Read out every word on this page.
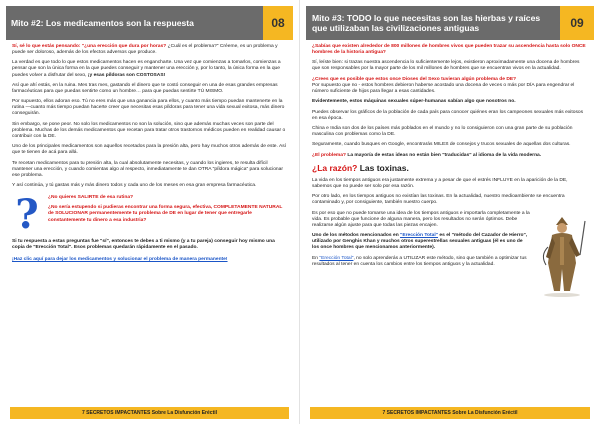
Mito #2: Los medicamentos son la respuesta	08

Sí, sé lo que estás pensando: "¿una erección que dura por horas? ¿Cuál es el problema?" Créeme, es un problema y puede ser doloroso, además de los efectos adversos que produce.

La verdad es que todo lo que estos medicamentos hacen es engancharte. Una vez que comienzas a tomarlos, comienzas a pensar que son la única forma en la que puedes conseguir y mantener una erección y, por lo tanto, la única forma en la que puedes volver a disfrutar del sexo, ¡y esas píldoras son COSTOSAS!

Así que ahí estás, en la ruina. Mes tras mes, gastando el dinero que te costó conseguir en una de esas grandes empresas farmacéuticas para que puedas sentirte como un hombre… para que puedas sentirte TÚ MISMO.

Por supuesto, ellos adoran eso. Tú no eres más que una ganancia para ellos, y cuanto más tiempo puedan mantenerte en la rutina —cuanto más tiempo puedan hacerte creer que necesitas esas píldoras para tener una vida sexual exitosa, más dinero conseguirán.

Sin embargo, se pone peor. No solo los medicamentos no son la solución, sino que además muchas veces son parte del problema. Muchas de los demás medicamentos que recetan para tratar otros trastornos médicos pueden en realidad causar o contribuir con la DE.

Uno de los principales medicamentos son aquellos recetados para la presión alta, pero hay muchos otros además de este. Así que te tienen de acá para allá.

Te recetan medicamentos para tu presión alta, la cual absolutamente necesitas, y cuando los ingieres, te resulta difícil mantener una erección, y cuando comientas algo al respecto, inmediatamente te dan OTRA "píldora mágica" para solucionar ese problema.

Y así continúa, y tú gastas más y más dinero todos y cada uno de los meses en esa gran empresa farmacéutica.

?	¿No quieres SALIRTE de esa rutina?

¿No sería estupendo si pudieras encontrar una forma segura, efectiva, COMPLETAMENTE NATURAL de SOLUCIONAR permanentemente tu problema de DE en lugar de tener que entregarle constantemente tu dinero a esa industria?

Si tu respuesta a estas preguntas fue "sí", entonces te debes a ti mismo (y a tu pareja) conseguir hoy mismo una copia de "Erección Total". Esos problemas quedarán rápidamente en el pasado.

¡Haz clic aquí para dejar los medicamentos y solucionar el problema de manera permanente!

7 SECRETOS IMPACTANTES Sobre La Disfunción Eréctil
Mito #3: TODO lo que necesitas son las hierbas y raíces que utilizaban las civilizaciones antiguas	09

¿Sabías que existen alrededor de 800 millones de hombres vivos que pueden trazar su ascendencia hasta solo ONCE hombres de la historia antigua?

Sí, leíste bien: si trazas nuestra ascendencia lo suficientemente lejos, existieron aproximadamente una docena de hombres que son responsables por la mayor parte de los mil millones de hombres que se encuentran vivos en la actualidad.

¿Crees que es posible que estos once Dioses del Sexo tuvieran algún problema de DE?
Por supuesto que no - estos hombres debieron haberse acostado una docena de veces o más por DÍA para engendrar el número suficiente de hijos para llegar a esas cantidades.

Evidentemente, estos máquinas sexuales súper-humanas sabían algo que nosotros no.

Puedes observar los gráficos de la población de cada país para conocer quiénes eran los campeones sexuales más exitosos en esa época.

China e India son dos de los países más poblados en el mundo y no lo consiguieron con una gran parte de su población masculina con problemas como la DE.

Seguramente, cuando busques en Google, encontrarás MILES de consejos y trucos sexuales de aquellas dos culturas.

¿El problema? La mayoría de estas ideas no están bien "traducidas" al idioma de la vida moderna.

¿La razón? Las toxinas.

La vida en los tiempos antiguos era justamente extrema y a pesar de que el estrés INFLUYE en la aparición de la DE, sabemos que no puede ser solo por esa razón.

Por otro lado, en los tiempos antiguos no existían las toxinas. En la actualidad, nuestro medioambiente se encuentra contaminado y, por consiguiente, también nuestro cuerpo.

Es por eso que no puede tomarse una idea de los tiempos antiguos e importarla completamente a la vida. Es probable que funcione de alguna manera, pero los resultados no serán óptimos. Debe realizarse algún ajuste para que todas las piezas encajen.

Uno de los métodos mencionados en "Erección Total" es el "método del Cazador de Hierro", utilizado por Genghis Khan y muchos otros superestrellas sexuales antiguas (él es uno de los once hombres que mencionamos anteriormente).

En "Erección Total", no solo aprenderás a UTILIZAR este método, sino que también a optimizar tus resultados al tener en cuenta los cambios entre los tiempos antiguos y la actualidad.

7 SECRETOS IMPACTANTES Sobre La Disfunción Eréctil
